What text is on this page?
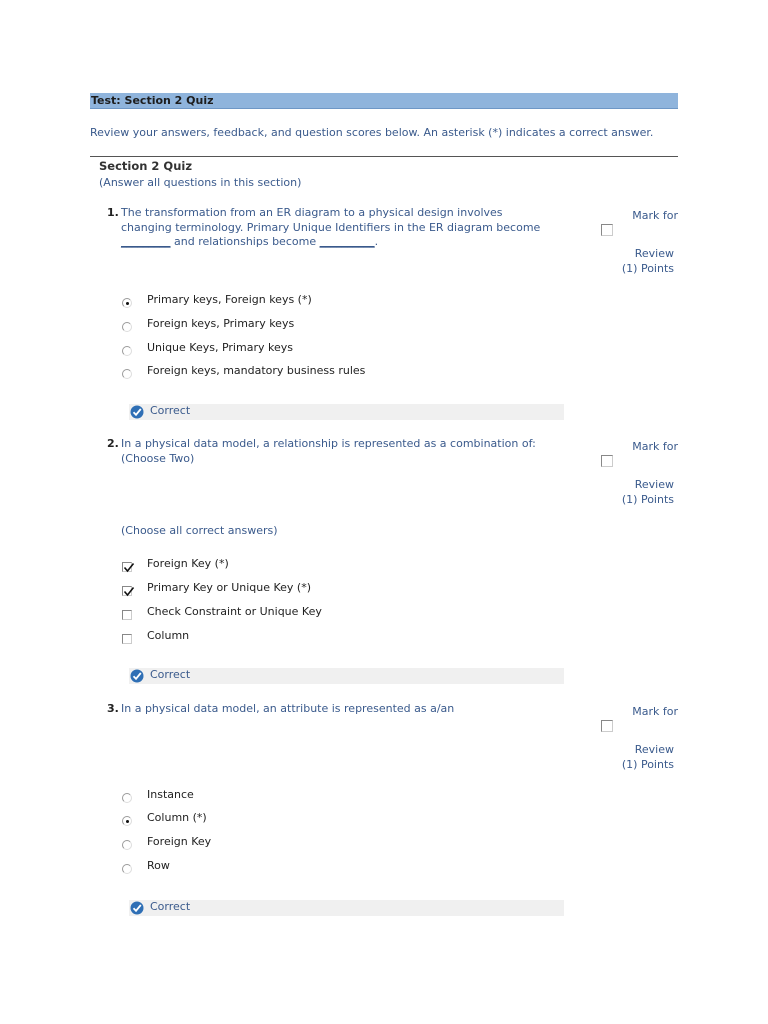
Test: Section 2 Quiz
Review your answers, feedback, and question scores below. An asterisk (*) indicates a correct answer.
Section 2 Quiz
(Answer all questions in this section)
1. The transformation from an ER diagram to a physical design involves
changing terminology. Primary Unique Identifiers in the ER diagram become
_________ and relationships become __________.
Mark for
Review
(1) Points
Primary keys, Foreign keys (*)
Foreign keys, Primary keys
Unique Keys, Primary keys
Foreign keys, mandatory business rules
Correct
2. In a physical data model, a relationship is represented as a combination of:
(Choose Two)
Mark for
Review
(1) Points
(Choose all correct answers)
Foreign Key (*)
Primary Key or Unique Key (*)
Check Constraint or Unique Key
Column
Correct
3. In a physical data model, an attribute is represented as a/an	Mark for
Review
(1) Points
Instance
Column (*)
Foreign Key
Row
Correct
